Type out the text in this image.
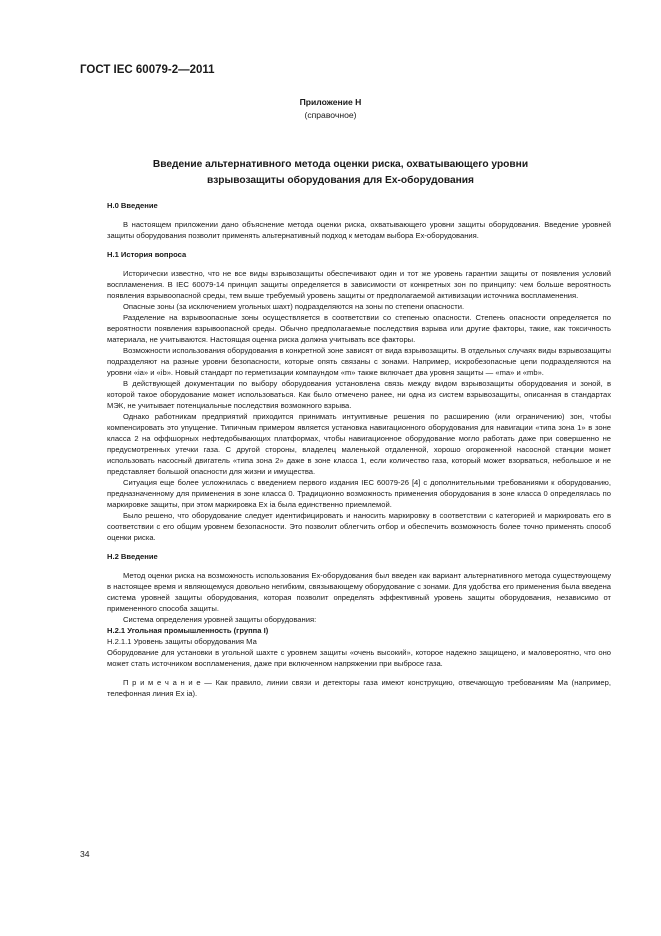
ГОСТ IEC 60079-2—2011
Приложение Н
(справочное)
Введение альтернативного метода оценки риска, охватывающего уровни
взрывозащиты оборудования для Ех-оборудования

Н.0 Введение

В настоящем приложении дано объяснение метода оценки риска, охватывающего уровни защиты оборудования. Введение уровней защиты оборудования позволит применять альтернативный подход к методам выбора Ех-оборудования.

Н.1 История вопроса

Исторически известно, что не все виды взрывозащиты обеспечивают один и тот же уровень гарантии защиты от появления условий воспламенения. В IEC 60079-14 принцип защиты определяется в зависимости от конкретных зон по принципу: чем больше вероятность появления взрывоопасной среды, тем выше требуемый уровень защиты от предполагаемой активизации источника воспламенения.

Опасные зоны (за исключением угольных шахт) подразделяются на зоны по степени опасности.

Разделение на взрывоопасные зоны осуществляется в соответствии со степенью опасности. Степень опасности определяется по вероятности появления взрывоопасной среды. Обычно предполагаемые последствия взрыва или другие факторы, такие, как токсичность материала, не учитываются. Настоящая оценка риска должна учитывать все факторы.

Возможности использования оборудования в конкретной зоне зависят от вида взрывозащиты. В отдельных случаях виды взрывозащиты подразделяют на разные уровни безопасности, которые опять связаны с зонами. Например, искробезопасные цепи подразделяются на уровни «ia» и «ib». Новый стандарт по герметизации компаундом «m» также включает два уровня защиты — «ma» и «mb».

В действующей документации по выбору оборудования установлена связь между видом взрывозащиты оборудования и зоной, в которой такое оборудование может использоваться. Как было отмечено ранее, ни одна из систем взрывозащиты, описанная в стандартах МЭК, не учитывает потенциальные последствия возможного взрыва.

Однако работникам предприятий приходится принимать интуитивные решения по расширению (или ограничению) зон, чтобы компенсировать это упущение. Типичным примером является установка навигационного оборудования для навигации «типа зона 1» в зоне класса 2 на оффшорных нефтедобывающих платформах, чтобы навигационное оборудование могло работать даже при совершенно не предусмотренных утечки газа. С другой стороны, владелец маленькой отдаленной, хорошо огороженной насосной станции может использовать насосный двигатель «типа зона 2» даже в зоне класса 1, если количество газа, который может взорваться, небольшое и не представляет большой опасности для жизни и имущества.

Ситуация еще более усложнилась с введением первого издания IEC 60079-26 [4] с дополнительными требованиями к оборудованию, предназначенному для применения в зоне класса 0. Традиционно возможность применения оборудования в зоне класса 0 определялась по маркировке защиты, при этом маркировка Ex ia была единственно приемлемой.

Было решено, что оборудование следует идентифицировать и наносить маркировку в соответствии с категорией и маркировать его в соответствии с его общим уровнем безопасности. Это позволит облегчить отбор и обеспечить возможность более точно применять способ оценки риска.

Н.2 Введение

Метод оценки риска на возможность использования Ех-оборудования был введен как вариант альтернативного метода существующему в настоящее время и являющемуся довольно негибким, связывающему оборудование с зонами. Для удобства его применения была введена система уровней защиты оборудования, которая позволит определять эффективный уровень защиты оборудования, независимо от примененного способа защиты.

Система определения уровней защиты оборудования:

Н.2.1 Угольная промышленность (группа I)

Н.2.1.1 Уровень защиты оборудования Ма

Оборудование для установки в угольной шахте с уровнем защиты «очень высокий», которое надежно защищено, и маловероятно, что оно может стать источником воспламенения, даже при включенном напряжении при выбросе газа.

П р и м е ч а н и е — Как правило, линии связи и детекторы газа имеют конструкцию, отвечающую требованиям Ма (например, телефонная линия Ех ia).

34
